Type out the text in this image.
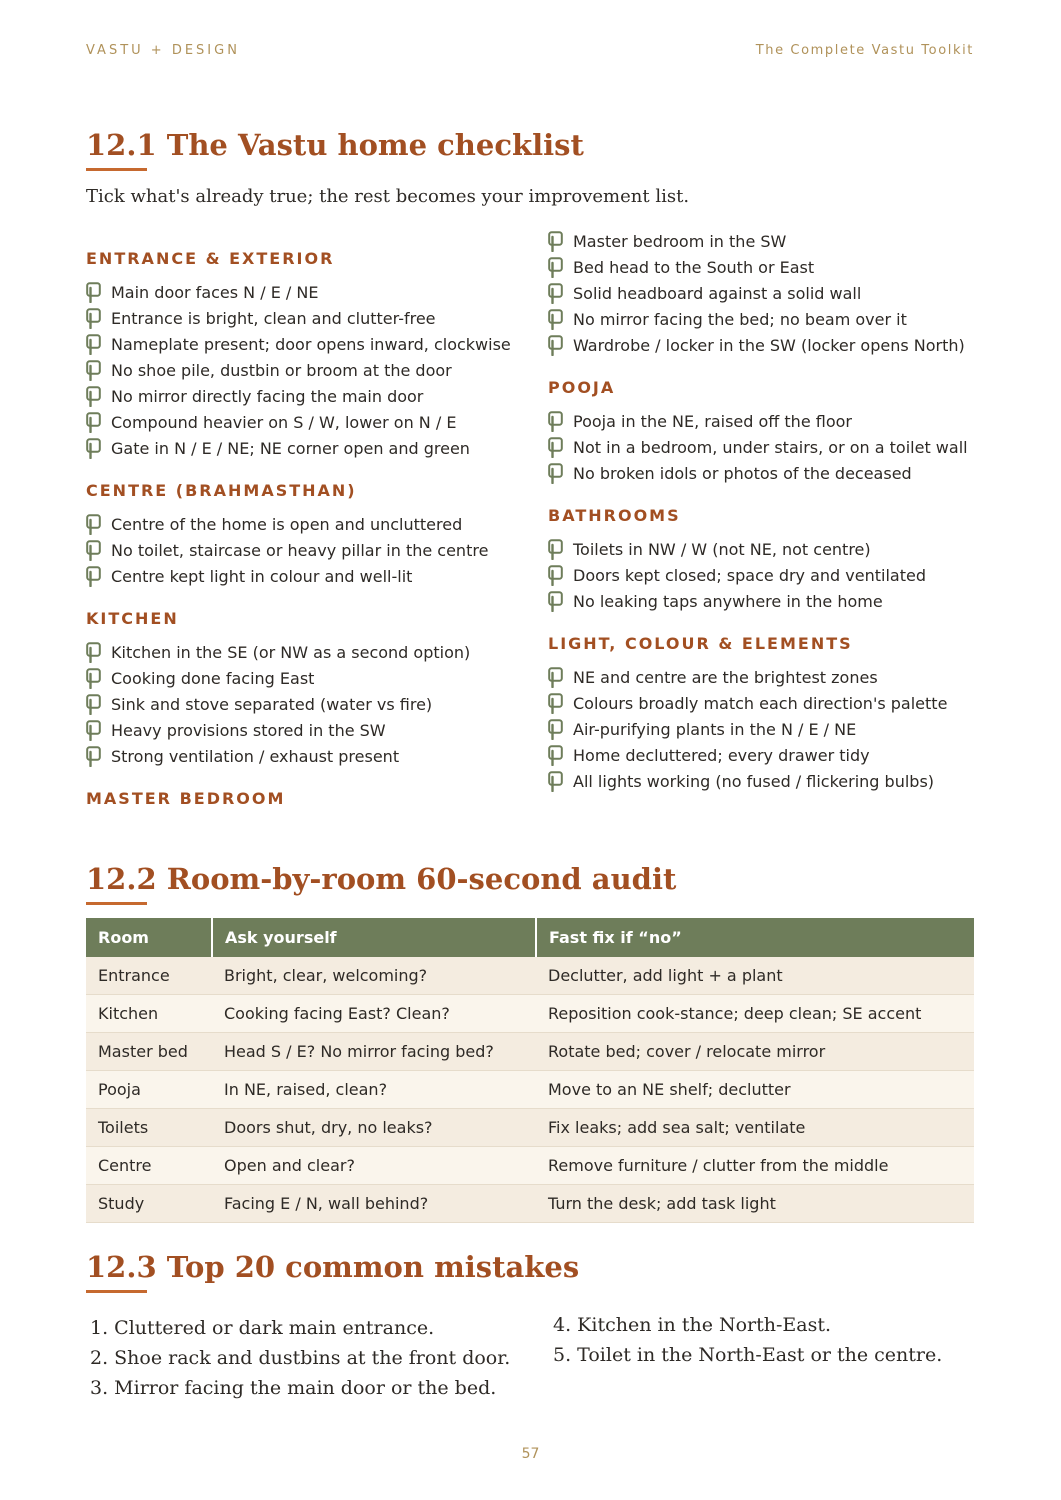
VASTU + DESIGN	The Complete Vastu Toolkit
12.1 The Vastu home checklist
Tick what's already true; the rest becomes your improvement list.
ENTRANCE & EXTERIOR
Main door faces N / E / NE
Entrance is bright, clean and clutter-free
Nameplate present; door opens inward, clockwise
No shoe pile, dustbin or broom at the door
No mirror directly facing the main door
Compound heavier on S / W, lower on N / E
Gate in N / E / NE; NE corner open and green
CENTRE (BRAHMASTHAN)
Centre of the home is open and uncluttered
No toilet, staircase or heavy pillar in the centre
Centre kept light in colour and well-lit
KITCHEN
Kitchen in the SE (or NW as a second option)
Cooking done facing East
Sink and stove separated (water vs fire)
Heavy provisions stored in the SW
Strong ventilation / exhaust present
MASTER BEDROOM
Master bedroom in the SW
Bed head to the South or East
Solid headboard against a solid wall
No mirror facing the bed; no beam over it
Wardrobe / locker in the SW (locker opens North)
POOJA
Pooja in the NE, raised off the floor
Not in a bedroom, under stairs, or on a toilet wall
No broken idols or photos of the deceased
BATHROOMS
Toilets in NW / W (not NE, not centre)
Doors kept closed; space dry and ventilated
No leaking taps anywhere in the home
LIGHT, COLOUR & ELEMENTS
NE and centre are the brightest zones
Colours broadly match each direction's palette
Air-purifying plants in the N / E / NE
Home decluttered; every drawer tidy
All lights working (no fused / flickering bulbs)
12.2 Room-by-room 60-second audit
Room	Ask yourself	Fast fix if “no”
Entrance	Bright, clear, welcoming?	Declutter, add light + a plant
Kitchen	Cooking facing East? Clean?	Reposition cook-stance; deep clean; SE accent
Master bed	Head S / E? No mirror facing bed?	Rotate bed; cover / relocate mirror
Pooja	In NE, raised, clean?	Move to an NE shelf; declutter
Toilets	Doors shut, dry, no leaks?	Fix leaks; add sea salt; ventilate
Centre	Open and clear?	Remove furniture / clutter from the middle
Study	Facing E / N, wall behind?	Turn the desk; add task light
12.3 Top 20 common mistakes
1. Cluttered or dark main entrance.
2. Shoe rack and dustbins at the front door.
3. Mirror facing the main door or the bed.
4. Kitchen in the North-East.
5. Toilet in the North-East or the centre.
57
